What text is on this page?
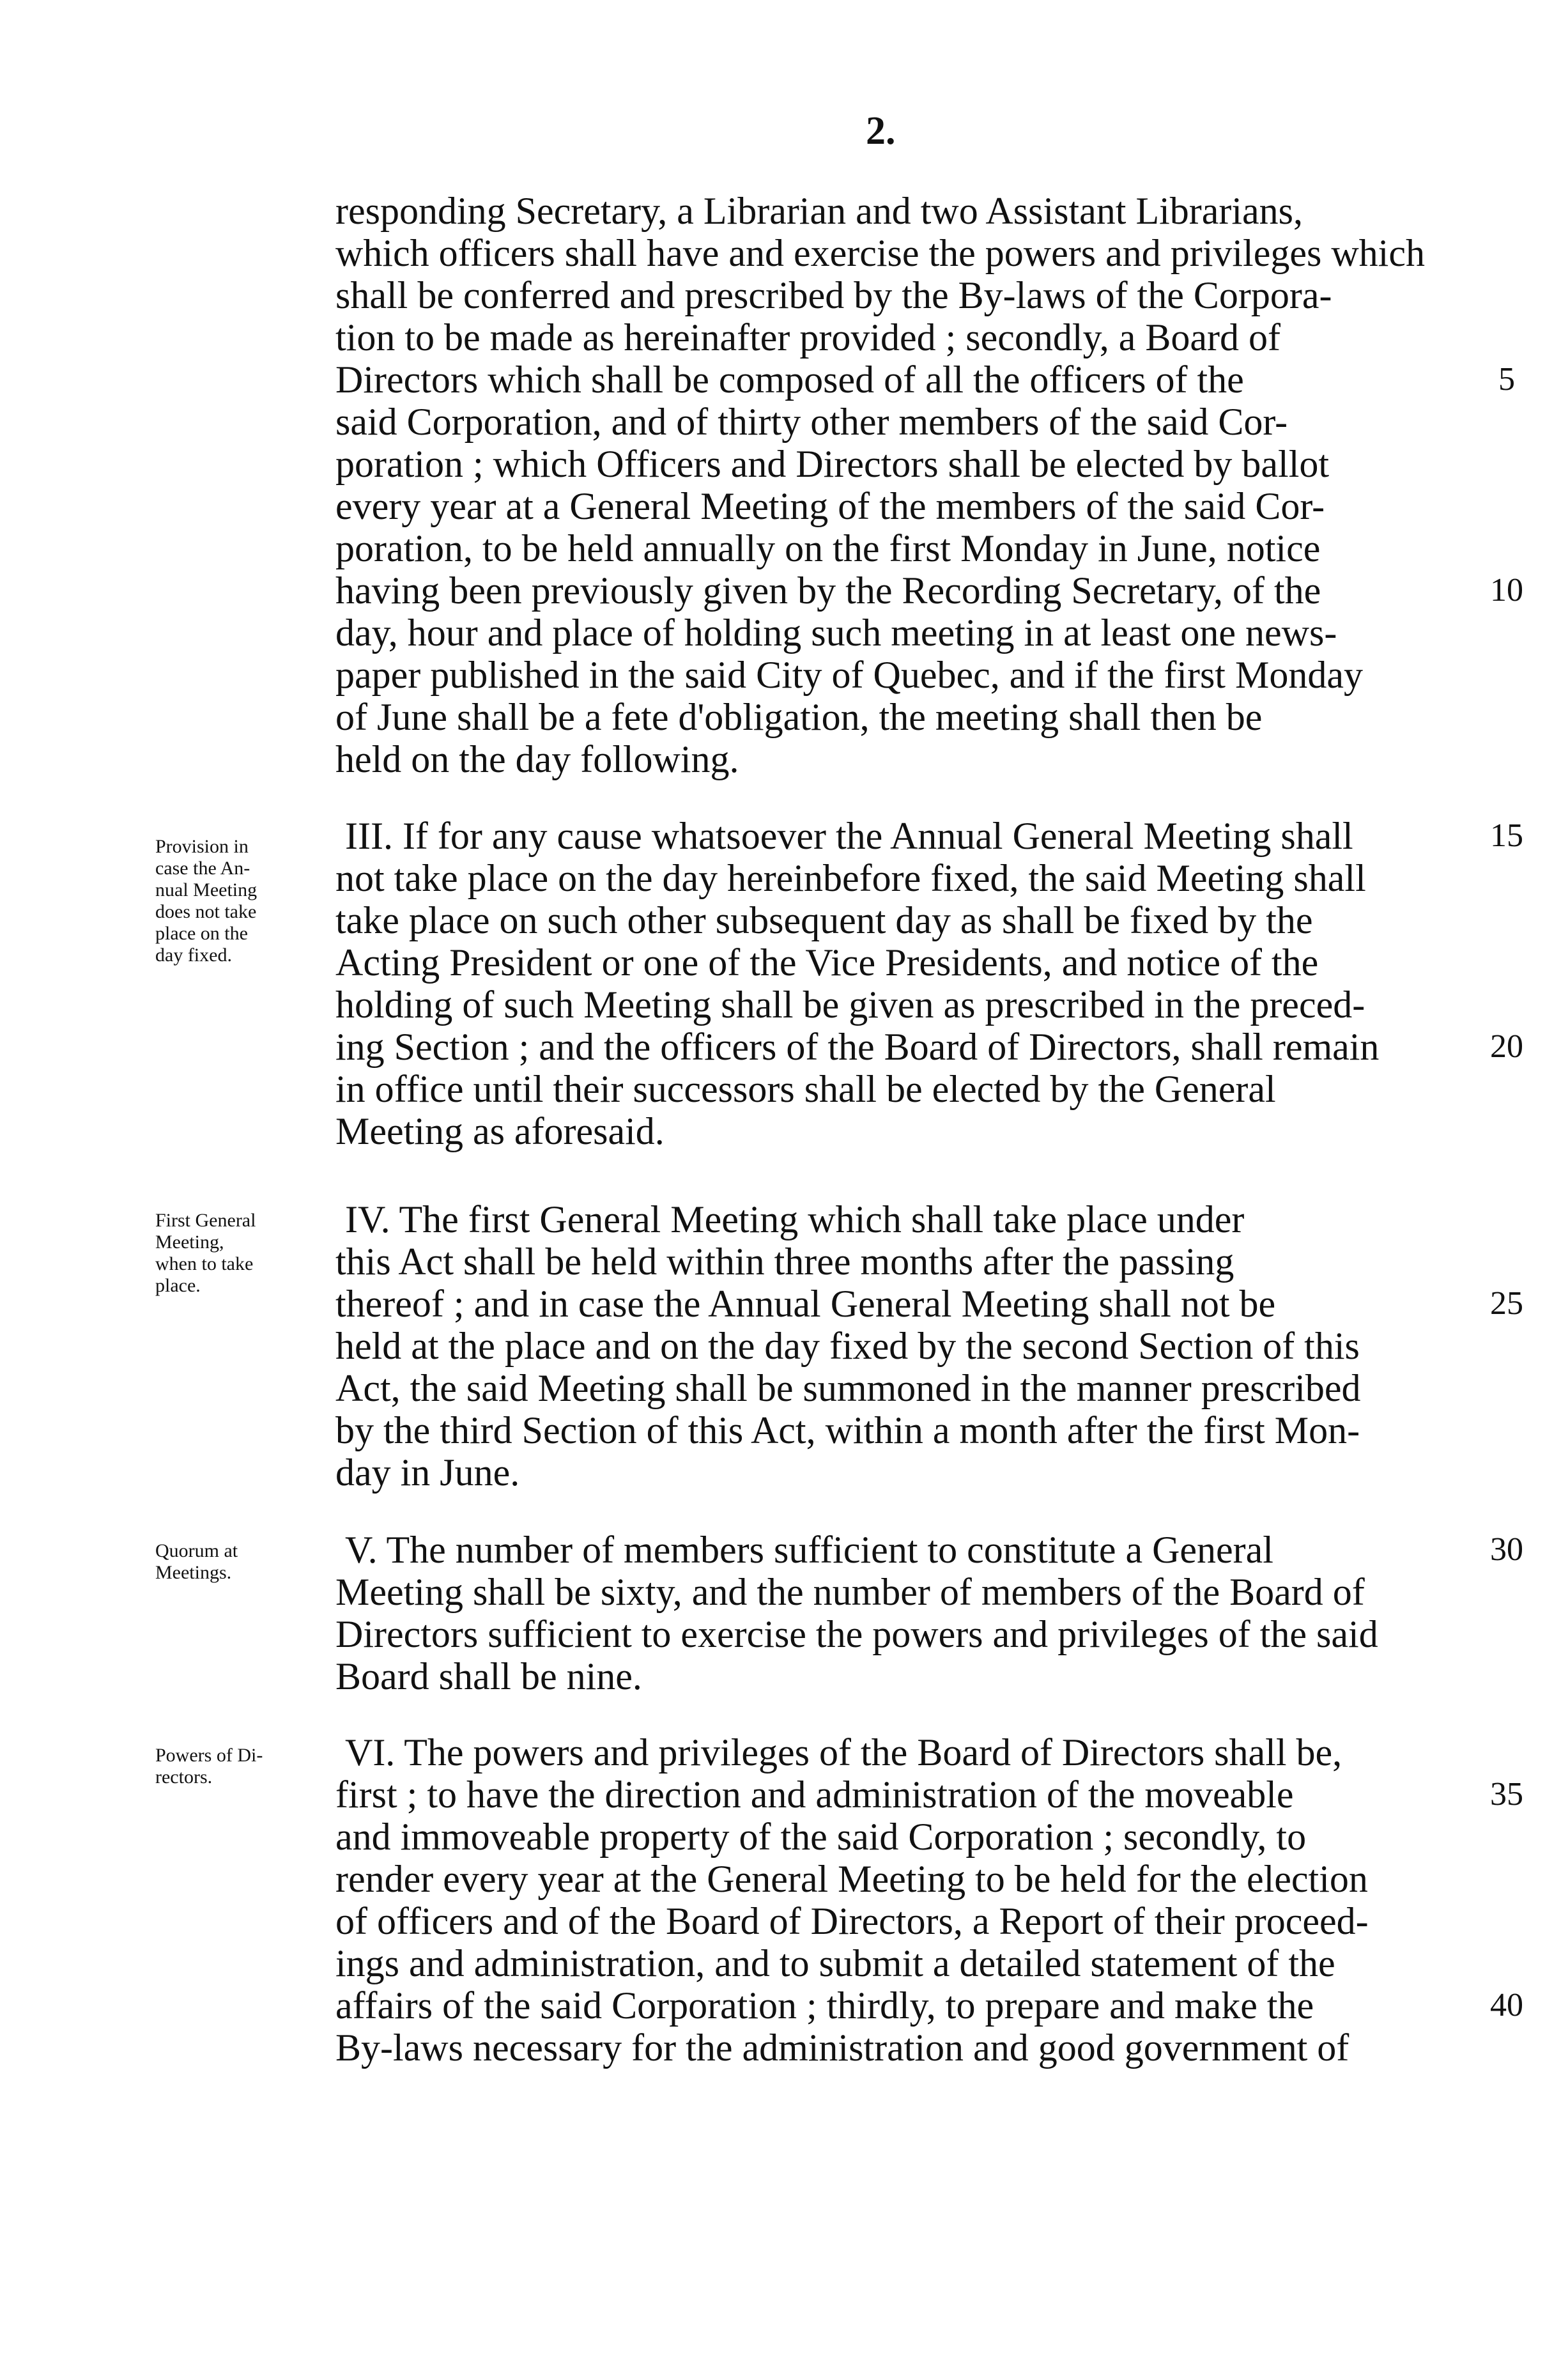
2.
responding Secretary, a Librarian and two Assistant Librarians,
which officers shall have and exercise the powers and privileges which
shall be conferred and prescribed by the By-laws of the Corpora-
tion to be made as hereinafter provided ; secondly, a Board of
Directors which shall be composed of all the officers of the
said Corporation, and of thirty other members of the said Cor-
poration ; which Officers and Directors shall be elected by ballot
every year at a General Meeting of the members of the said Cor-
poration, to be held annually on the first Monday in June, notice
having been previously given by the Recording Secretary, of the
day, hour and place of holding such meeting in at least one news-
paper published in the said City of Quebec, and if the first Monday
of June shall be a fete d'obligation, the meeting shall then be
held on the day following.
Provision in
case the An-
nual Meeting
does not take
place on the
day fixed.
III. If for any cause whatsoever the Annual General Meeting shall
not take place on the day hereinbefore fixed, the said Meeting shall
take place on such other subsequent day as shall be fixed by the
Acting President or one of the Vice Presidents, and notice of the
holding of such Meeting shall be given as prescribed in the preced-
ing Section ; and the officers of the Board of Directors, shall remain
in office until their successors shall be elected by the General
Meeting as aforesaid.
First General
Meeting,
when to take
place.
IV. The first General Meeting which shall take place under
this Act shall be held within three months after the passing
thereof ; and in case the Annual General Meeting shall not be
held at the place and on the day fixed by the second Section of this
Act, the said Meeting shall be summoned in the manner prescribed
by the third Section of this Act, within a month after the first Mon-
day in June.
Quorum at
Meetings.
V. The number of members sufficient to constitute a General
Meeting shall be sixty, and the number of members of the Board of
Directors sufficient to exercise the powers and privileges of the said
Board shall be nine.
Powers of Di-
rectors.
VI. The powers and privileges of the Board of Directors shall be,
first ; to have the direction and administration of the moveable
and immoveable property of the said Corporation ; secondly, to
render every year at the General Meeting to be held for the election
of officers and of the Board of Directors, a Report of their proceed-
ings and administration, and to submit a detailed statement of the
affairs of the said Corporation ; thirdly, to prepare and make the
By-laws necessary for the administration and good government of
5
10
15
20
25
30
35
40
